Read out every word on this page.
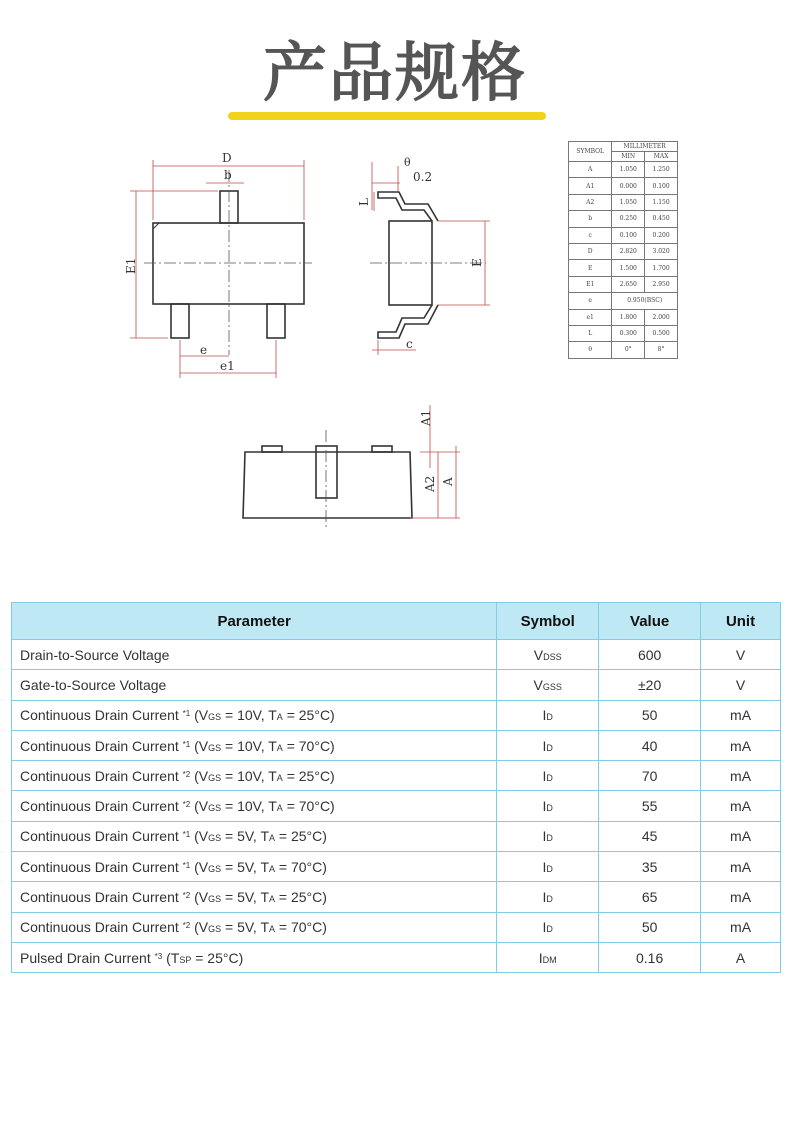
产品规格
D
b
E1
e
e1
θ
0.2
L
E
c
A1
A2 A
SYMBOL	MILLIMETER	
	MIN	MAX
A	1.050	1.250
A1	0.000	0.100
A2	1.050	1.150
b	0.250	0.450
c	0.100	0.200
D	2.820	3.020
E	1.500	1.700
E1	2.650	2.950
e	0.950(BSC)	
e1	1.800	2.000
L	0.300	0.500
θ	0°	8°
Parameter	Symbol	Value	Unit
Drain-to-Source Voltage	VDSS	600	V
Gate-to-Source Voltage	VGSS	±20	V
Continuous Drain Current $^{*1}$ (VGS = 10V, TA = 25°C)	ID	50	mA
Continuous Drain Current $^{*1}$ (VGS = 10V, TA = 70°C)	ID	40	mA
Continuous Drain Current $^{*2}$ (VGS = 10V, TA = 25°C)	ID	70	mA
Continuous Drain Current $^{*2}$ (VGS = 10V, TA = 70°C)	ID	55	mA
Continuous Drain Current $^{*1}$ (VGS = 5V, TA = 25°C)	ID	45	mA
Continuous Drain Current $^{*1}$ (VGS = 5V, TA = 70°C)	ID	35	mA
Continuous Drain Current $^{*2}$ (VGS = 5V, TA = 25°C)	ID	65	mA
Continuous Drain Current $^{*2}$ (VGS = 5V, TA = 70°C)	ID	50	mA
Pulsed Drain Current $^{*3}$ (TSP = 25°C)	IDM	0.16	A
